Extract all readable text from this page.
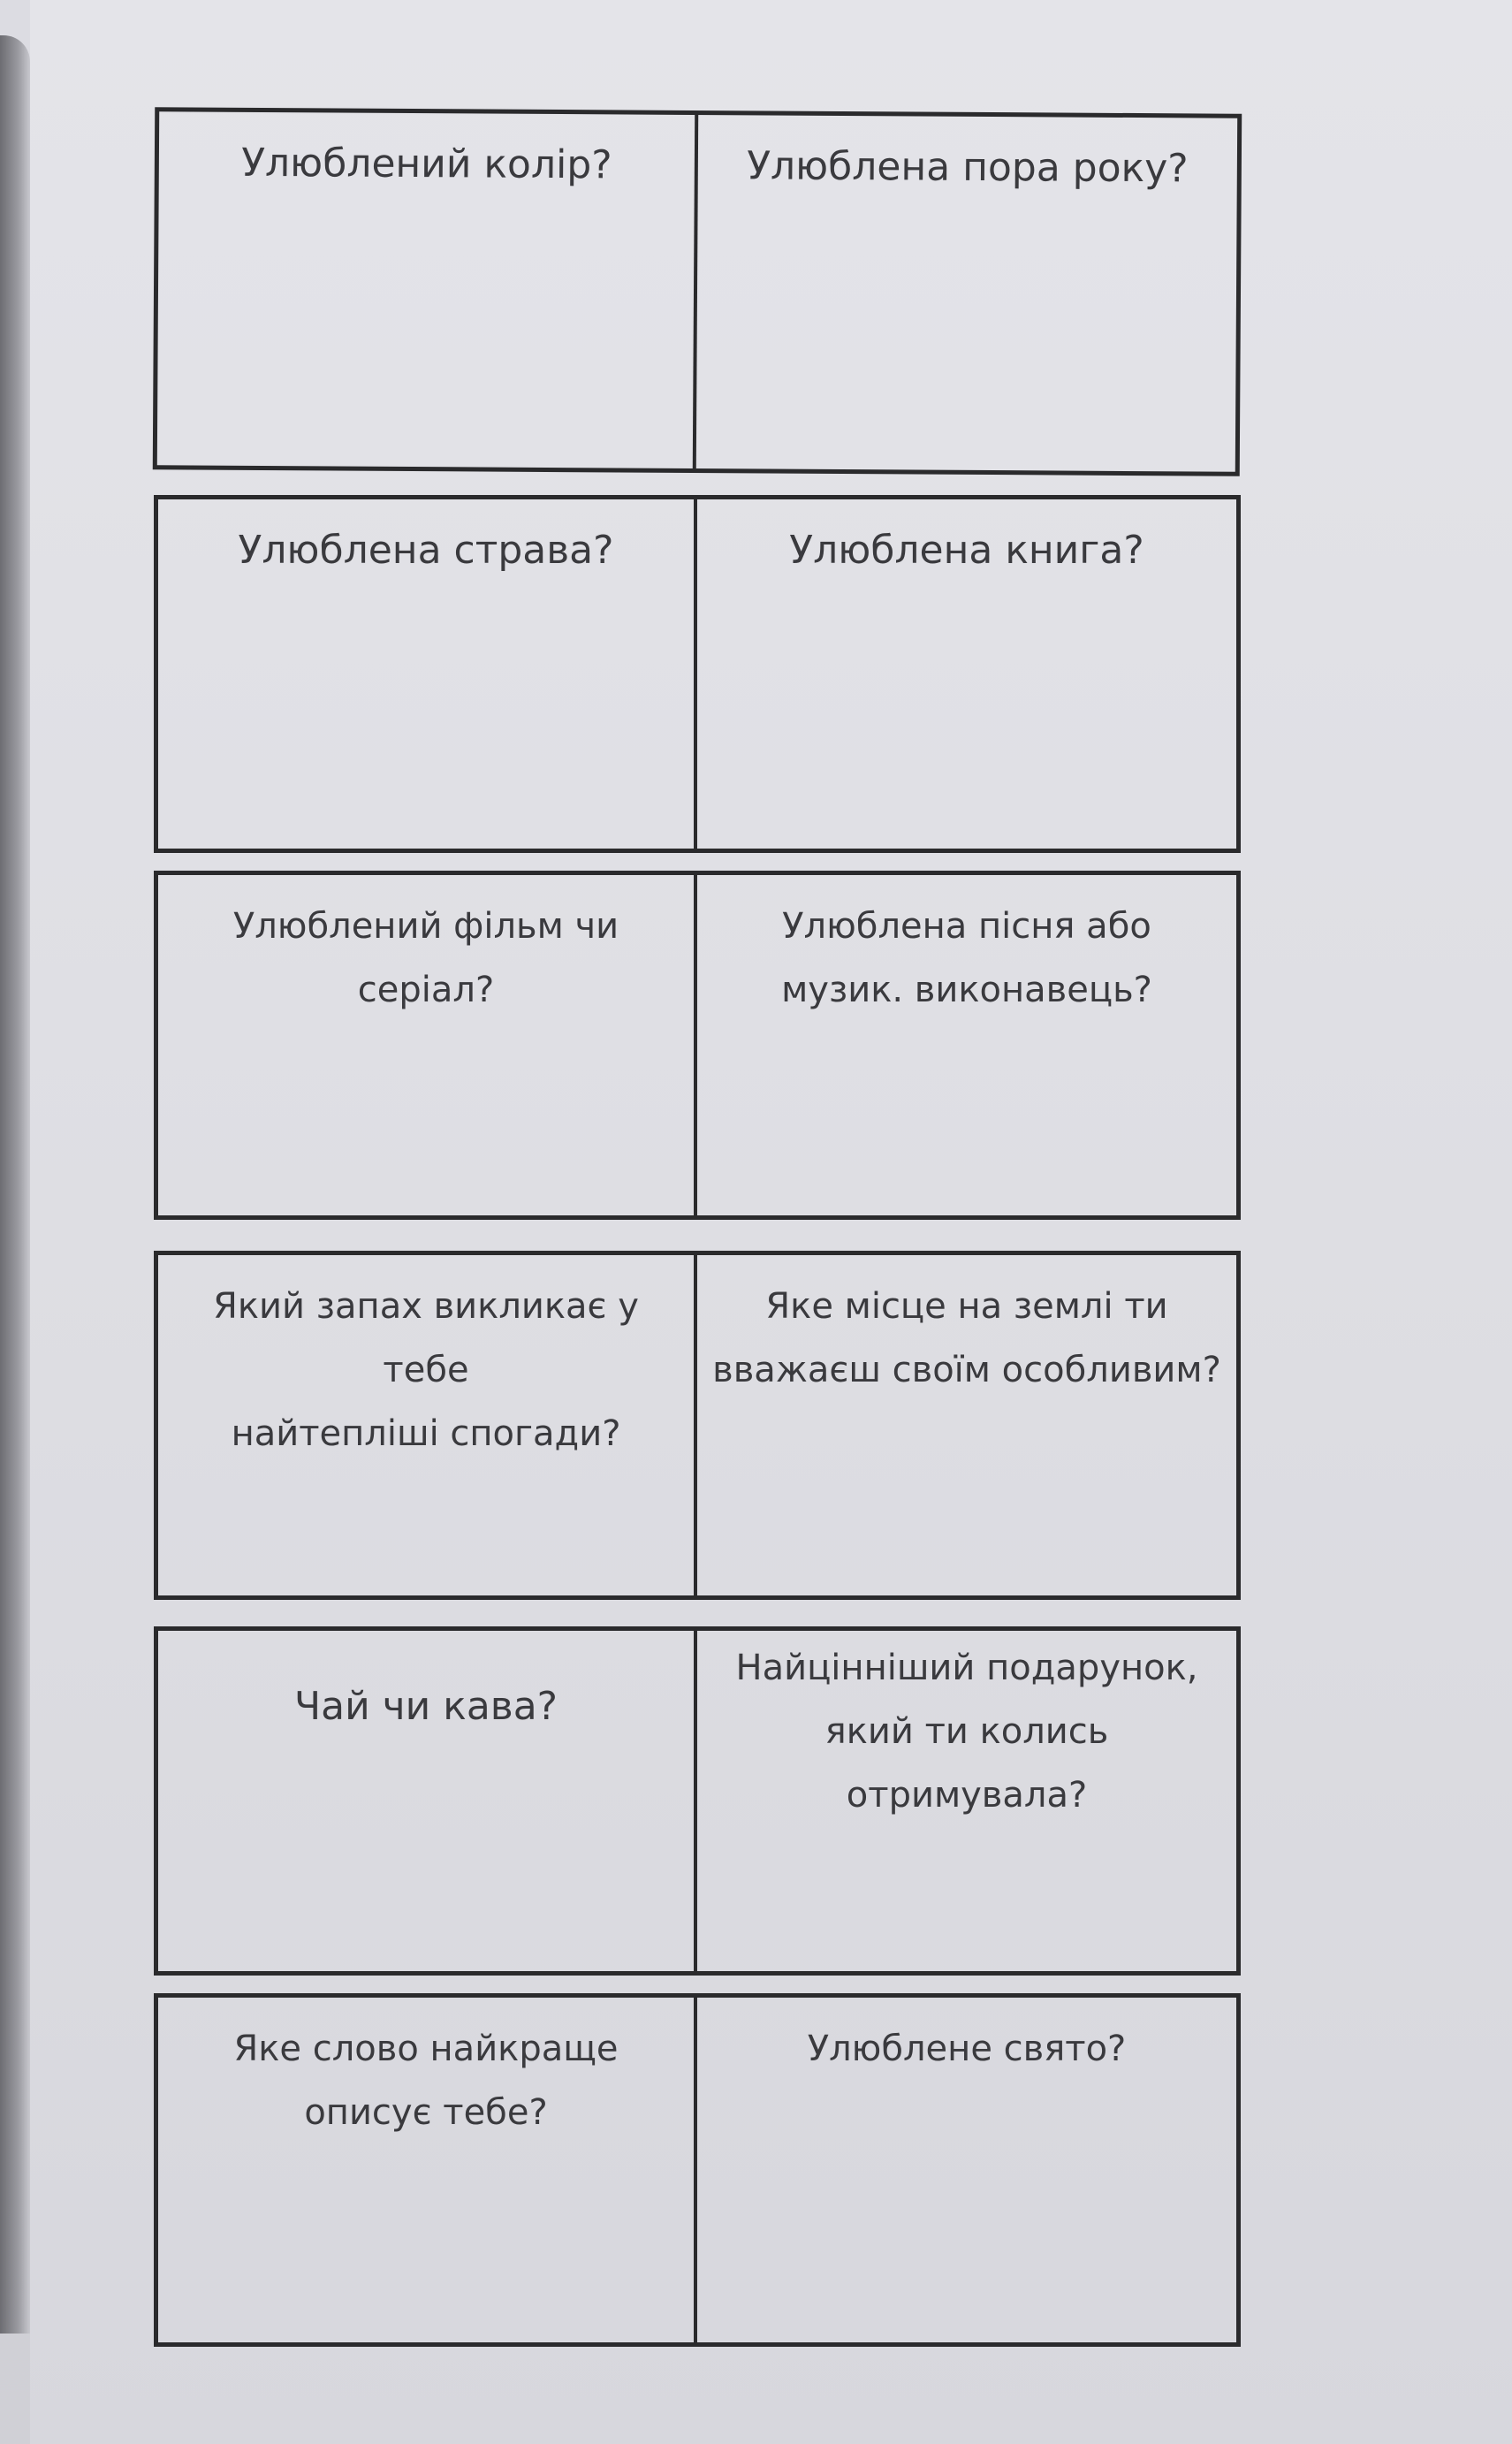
Улюблений колір?	Улюблена пора року?
Улюблена страва?	Улюблена книга?
Улюблений фільм чи
серіал?
Улюблена пісня або
музик. виконавець?
Який запах викликає у тебе
найтепліші спогади?
Яке місце на землі ти
вважаєш своїм особливим?
Чай чи кава?
Найцінніший подарунок,
який ти колись
отримувала?
Яке слово найкраще
описує тебе?
Улюблене свято?
